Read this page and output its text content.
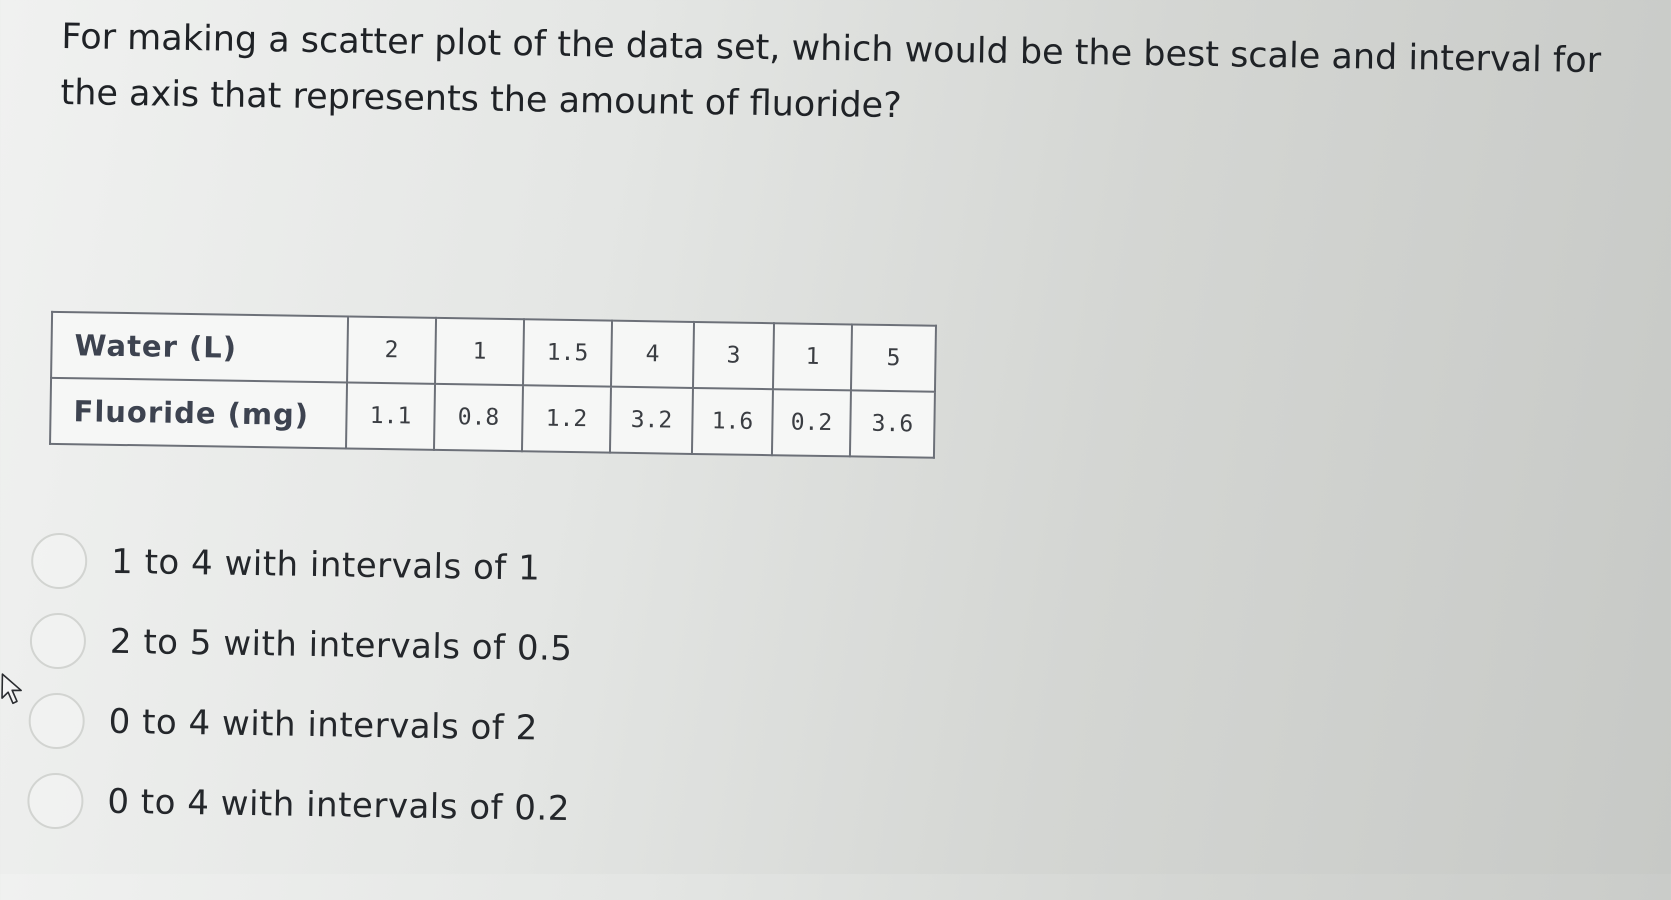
For making a scatter plot of the data set, which would be the best scale and interval for the axis that represents the amount of fluoride?

Water (L)	2	1	1.5	4	3	1	5
Fluoride (mg)	1.1	0.8	1.2	3.2	1.6	0.2	3.6
1 to 4 with intervals of 1
2 to 5 with intervals of 0.5
0 to 4 with intervals of 2
0 to 4 with intervals of 0.2
